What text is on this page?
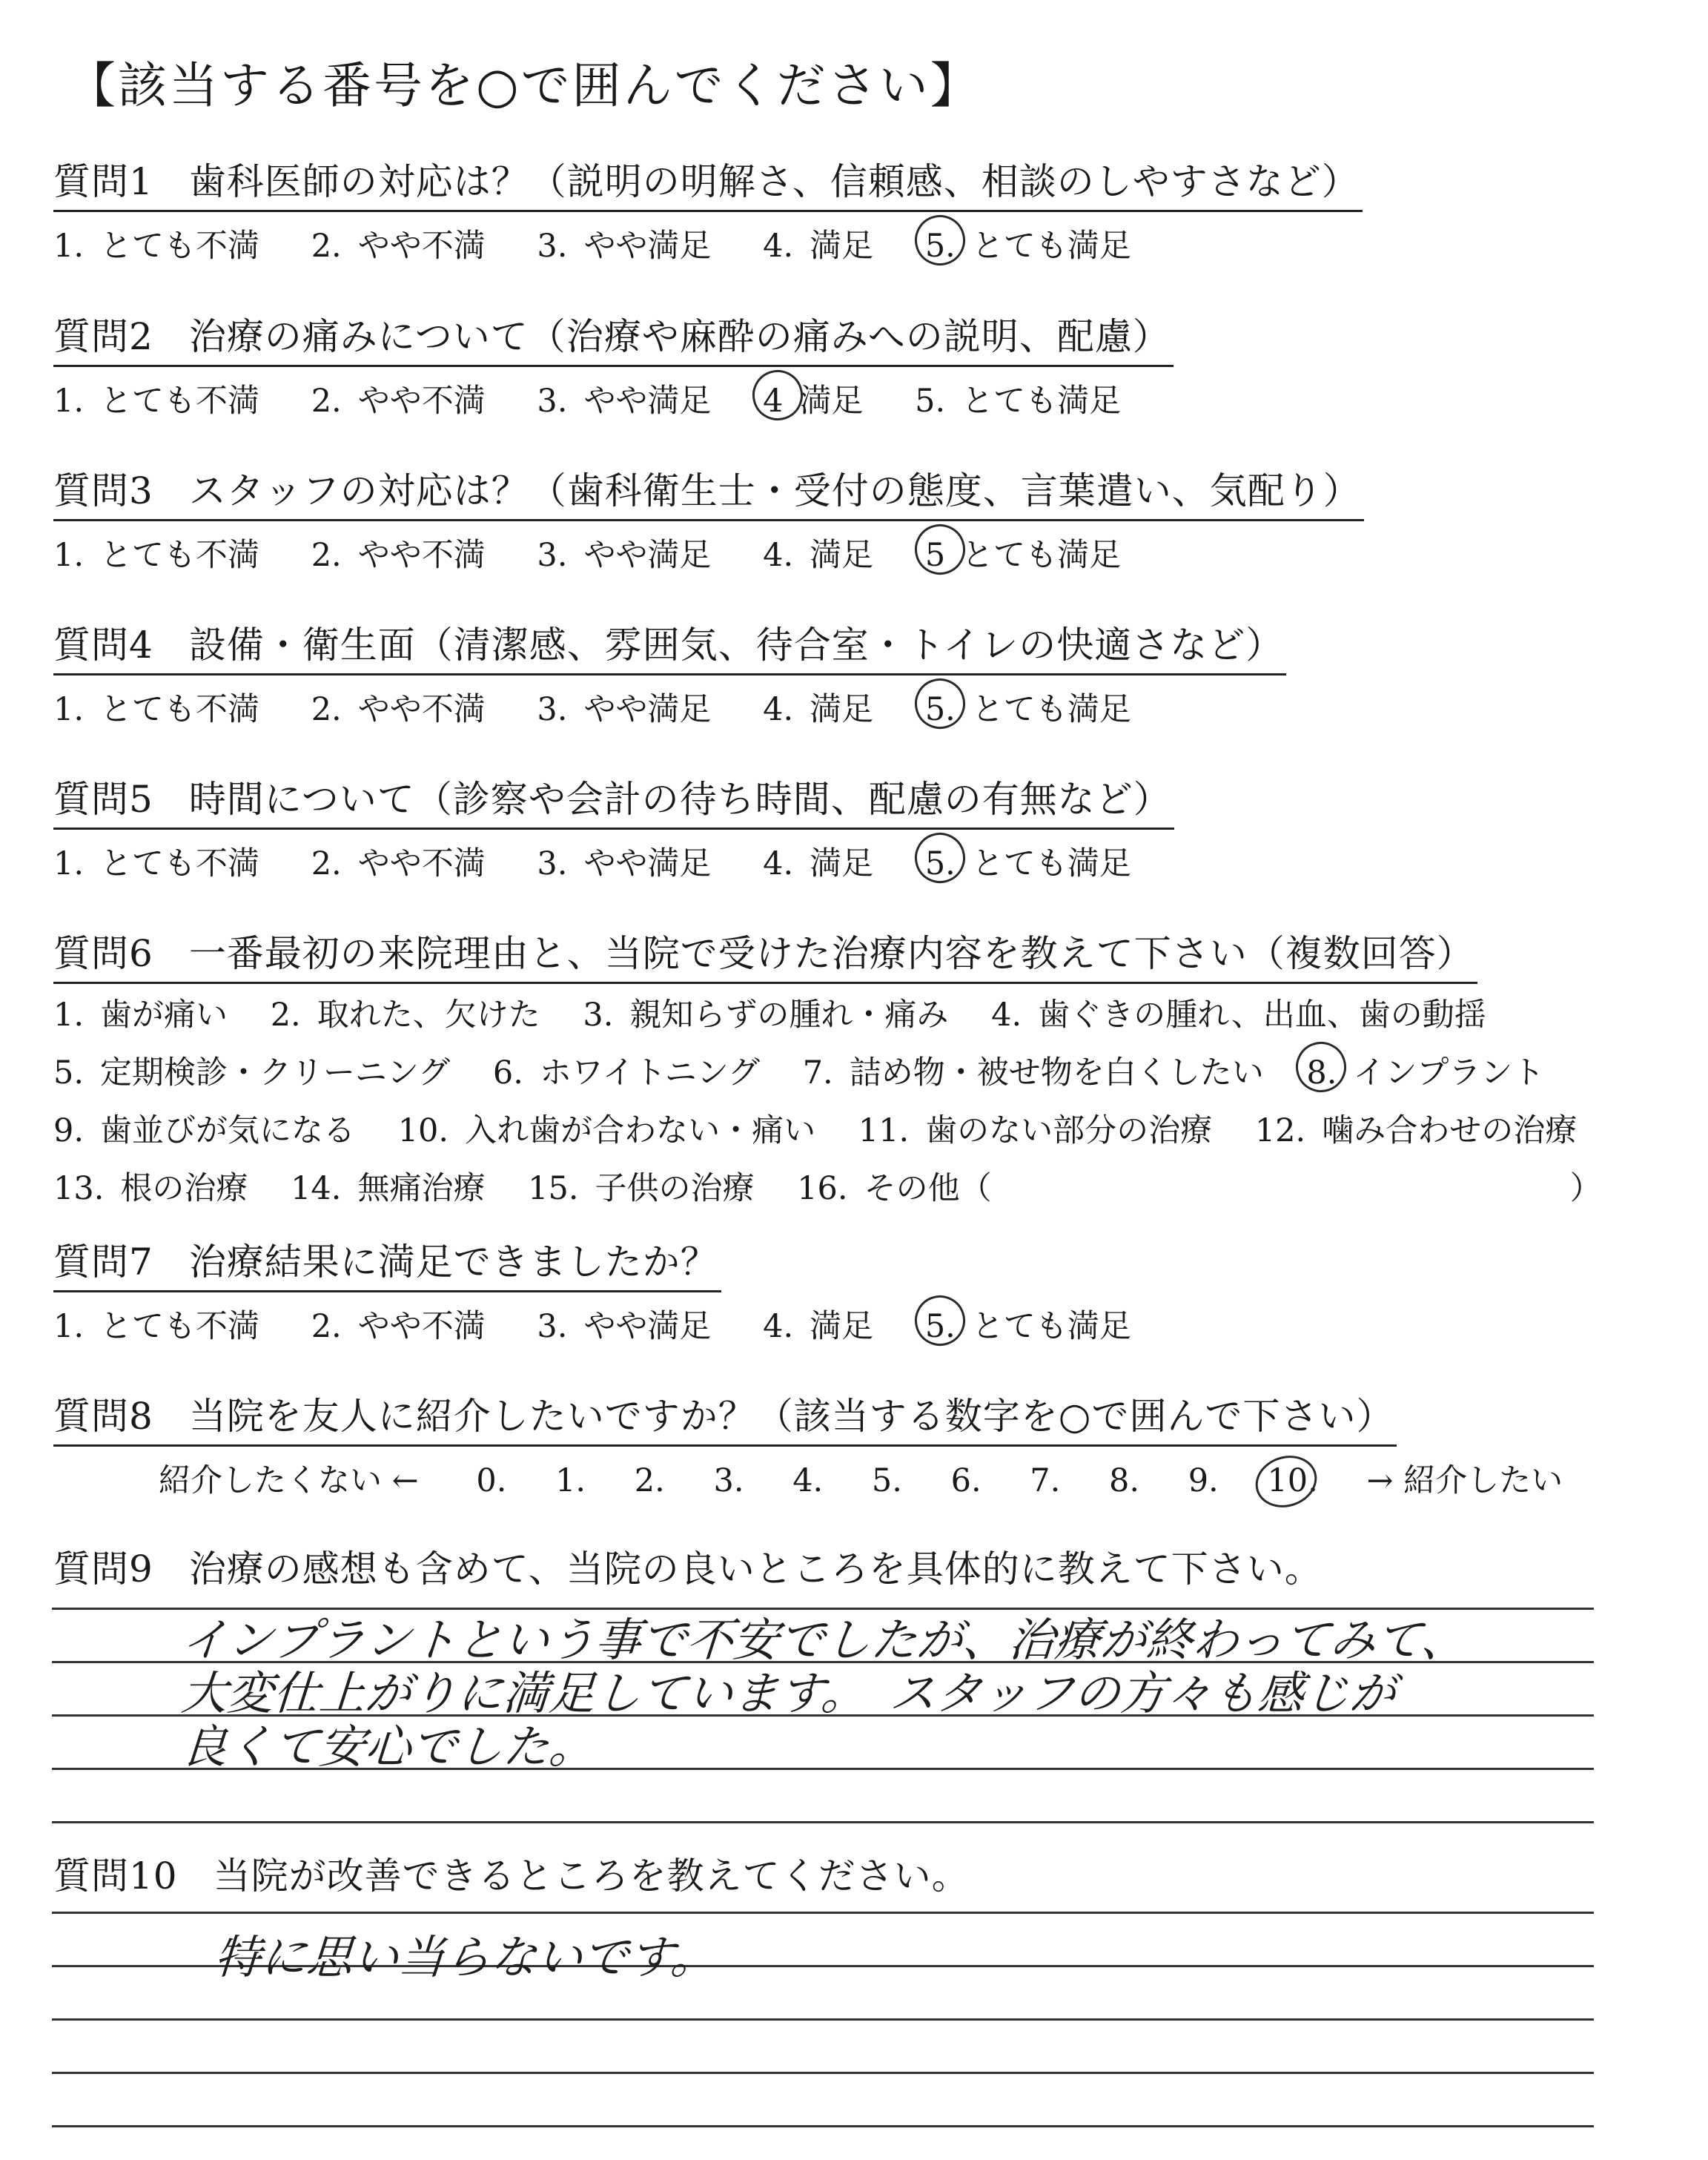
【該当する番号を○で囲んでください】
質問1 歯科医師の対応は？（説明の明解さ、信頼感、相談のしやすさなど）
1. とても不満 2. やや不満 3. やや満足 4. 満足 5. とても満足
質問2 治療の痛みについて（治療や麻酔の痛みへの説明、配慮）
1. とても不満 2. やや不満 3. やや満足 4 満足 5. とても満足
質問3 スタッフの対応は？（歯科衛生士・受付の態度、言葉遣い、気配り）
1. とても不満 2. やや不満 3. やや満足 4. 満足 5 とても満足
質問4 設備・衛生面（清潔感、雰囲気、待合室・トイレの快適さなど）
1. とても不満 2. やや不満 3. やや満足 4. 満足 5. とても満足
質問5 時間について（診察や会計の待ち時間、配慮の有無など）
1. とても不満 2. やや不満 3. やや満足 4. 満足 5. とても満足
質問6 一番最初の来院理由と、当院で受けた治療内容を教えて下さい（複数回答）
1. 歯が痛い 2. 取れた、欠けた 3. 親知らずの腫れ・痛み 4. 歯ぐきの腫れ、出血、歯の動揺
5. 定期検診・クリーニング 6. ホワイトニング 7. 詰め物・被せ物を白くしたい 8. インプラント
9. 歯並びが気になる 10. 入れ歯が合わない・痛い 11. 歯のない部分の治療 12. 噛み合わせの治療
13. 根の治療 14. 無痛治療 15. 子供の治療 16. その他（	）
質問7 治療結果に満足できましたか？
1. とても不満 2. やや不満 3. やや満足 4. 満足 5. とても満足
質問8 当院を友人に紹介したいですか？（該当する数字を○で囲んで下さい）
紹介したくない ← 0. 1. 2. 3. 4. 5. 6. 7. 8. 9. 10. → 紹介したい
質問9 治療の感想も含めて、当院の良いところを具体的に教えて下さい。
インプラントという事で不安でしたが、治療が終わってみて、
大変仕上がりに満足しています。　スタッフの方々も感じが
良くて安心でした。
質問10 当院が改善できるところを教えてください。
特に思い当らないです。
